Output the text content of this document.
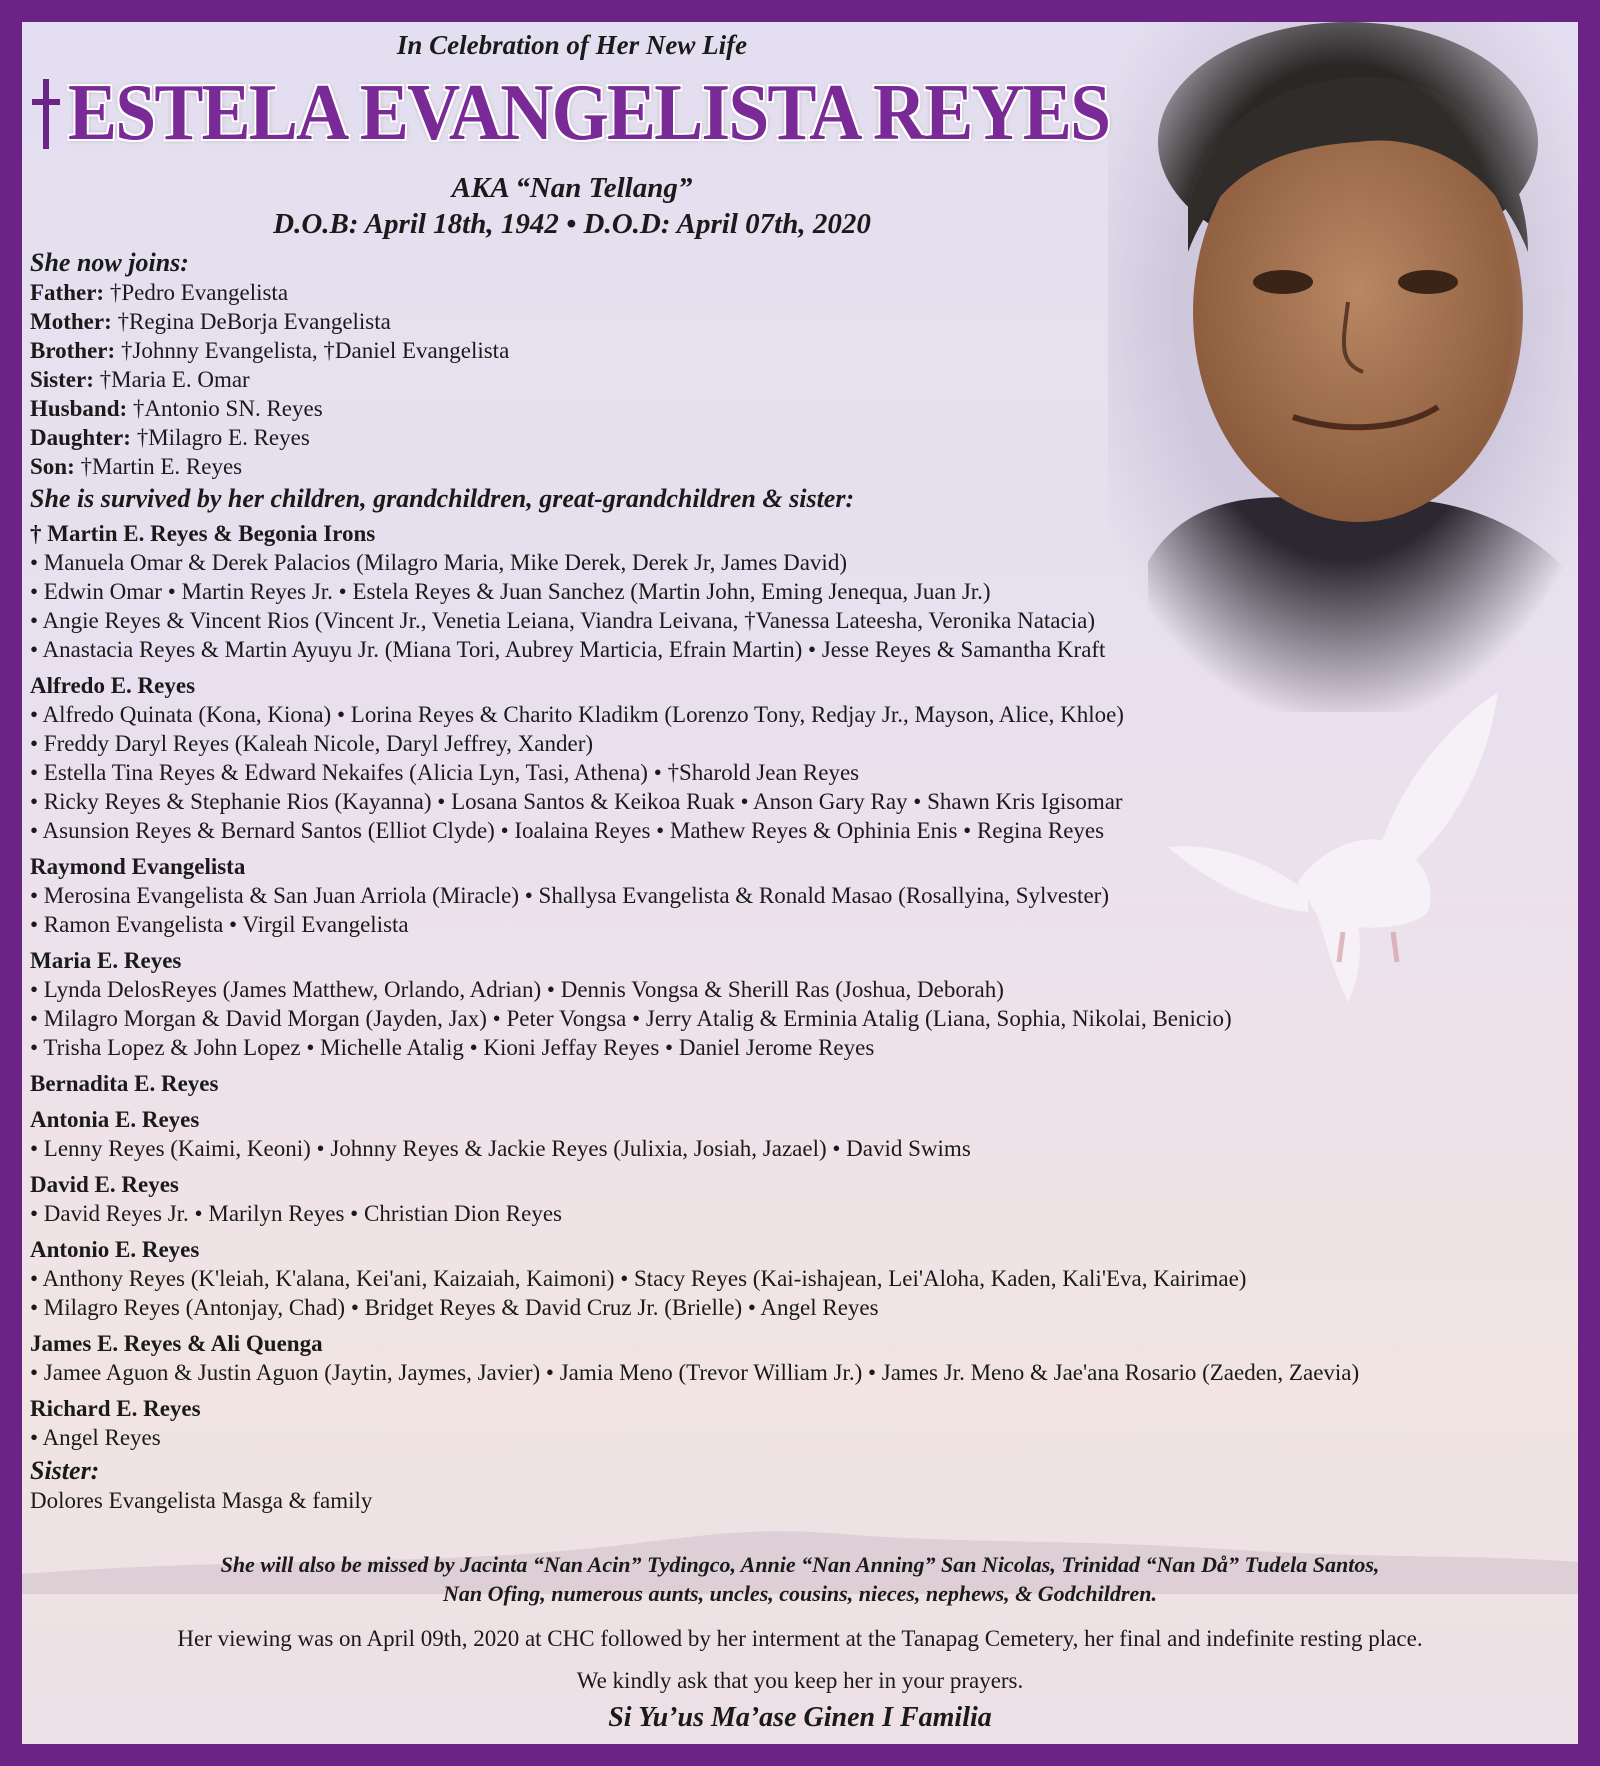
In Celebration of Her New Life
ESTELA EVANGELISTA REYES
AKA “Nan Tellang”
D.O.B: April 18th, 1942 • D.O.D: April 07th, 2020
She now joins:
Father: †Pedro Evangelista
Mother: †Regina DeBorja Evangelista
Brother: †Johnny Evangelista, †Daniel Evangelista
Sister: †Maria E. Omar
Husband: †Antonio SN. Reyes
Daughter: †Milagro E. Reyes
Son: †Martin E. Reyes
She is survived by her children, grandchildren, great-grandchildren & sister:
† Martin E. Reyes & Begonia Irons
• Manuela Omar & Derek Palacios (Milagro Maria, Mike Derek, Derek Jr, James David)
• Edwin Omar • Martin Reyes Jr. • Estela Reyes & Juan Sanchez (Martin John, Eming Jenequa, Juan Jr.)
• Angie Reyes & Vincent Rios (Vincent Jr., Venetia Leiana, Viandra Leivana, †Vanessa Lateesha, Veronika Natacia)
• Anastacia Reyes & Martin Ayuyu Jr. (Miana Tori, Aubrey Marticia, Efrain Martin) • Jesse Reyes & Samantha Kraft
Alfredo E. Reyes
• Alfredo Quinata (Kona, Kiona) • Lorina Reyes & Charito Kladikm (Lorenzo Tony, Redjay Jr., Mayson, Alice, Khloe)
• Freddy Daryl Reyes (Kaleah Nicole, Daryl Jeffrey, Xander)
• Estella Tina Reyes & Edward Nekaifes (Alicia Lyn, Tasi, Athena) • †Sharold Jean Reyes
• Ricky Reyes & Stephanie Rios (Kayanna) • Losana Santos & Keikoa Ruak • Anson Gary Ray • Shawn Kris Igisomar
• Asunsion Reyes & Bernard Santos (Elliot Clyde) • Ioalaina Reyes • Mathew Reyes & Ophinia Enis • Regina Reyes
Raymond Evangelista
• Merosina Evangelista & San Juan Arriola (Miracle) • Shallysa Evangelista & Ronald Masao (Rosallyina, Sylvester)
• Ramon Evangelista • Virgil Evangelista
Maria E. Reyes
• Lynda DelosReyes (James Matthew, Orlando, Adrian) • Dennis Vongsa & Sherill Ras (Joshua, Deborah)
• Milagro Morgan & David Morgan (Jayden, Jax) • Peter Vongsa • Jerry Atalig & Erminia Atalig (Liana, Sophia, Nikolai, Benicio)
• Trisha Lopez & John Lopez • Michelle Atalig • Kioni Jeffay Reyes • Daniel Jerome Reyes
Bernadita E. Reyes
Antonia E. Reyes
• Lenny Reyes (Kaimi, Keoni) • Johnny Reyes & Jackie Reyes (Julixia, Josiah, Jazael) • David Swims
David E. Reyes
• David Reyes Jr. • Marilyn Reyes • Christian Dion Reyes
Antonio E. Reyes
• Anthony Reyes (K'leiah, K'alana, Kei'ani, Kaizaiah, Kaimoni) • Stacy Reyes (Kai-ishajean, Lei'Aloha, Kaden, Kali'Eva, Kairimae)
• Milagro Reyes (Antonjay, Chad) • Bridget Reyes & David Cruz Jr. (Brielle) • Angel Reyes
James E. Reyes & Ali Quenga
• Jamee Aguon & Justin Aguon (Jaytin, Jaymes, Javier) • Jamia Meno (Trevor William Jr.) • James Jr. Meno & Jae'ana Rosario (Zaeden, Zaevia)
Richard E. Reyes
• Angel Reyes
Sister:
Dolores Evangelista Masga & family
She will also be missed by Jacinta “Nan Acin” Tydingco, Annie “Nan Anning” San Nicolas, Trinidad “Nan Då” Tudela Santos,
Nan Ofing, numerous aunts, uncles, cousins, nieces, nephews, & Godchildren.
Her viewing was on April 09th, 2020 at CHC followed by her interment at the Tanapag Cemetery, her final and indefinite resting place.
We kindly ask that you keep her in your prayers.
Si Yu’us Ma’ase Ginen I Familia
